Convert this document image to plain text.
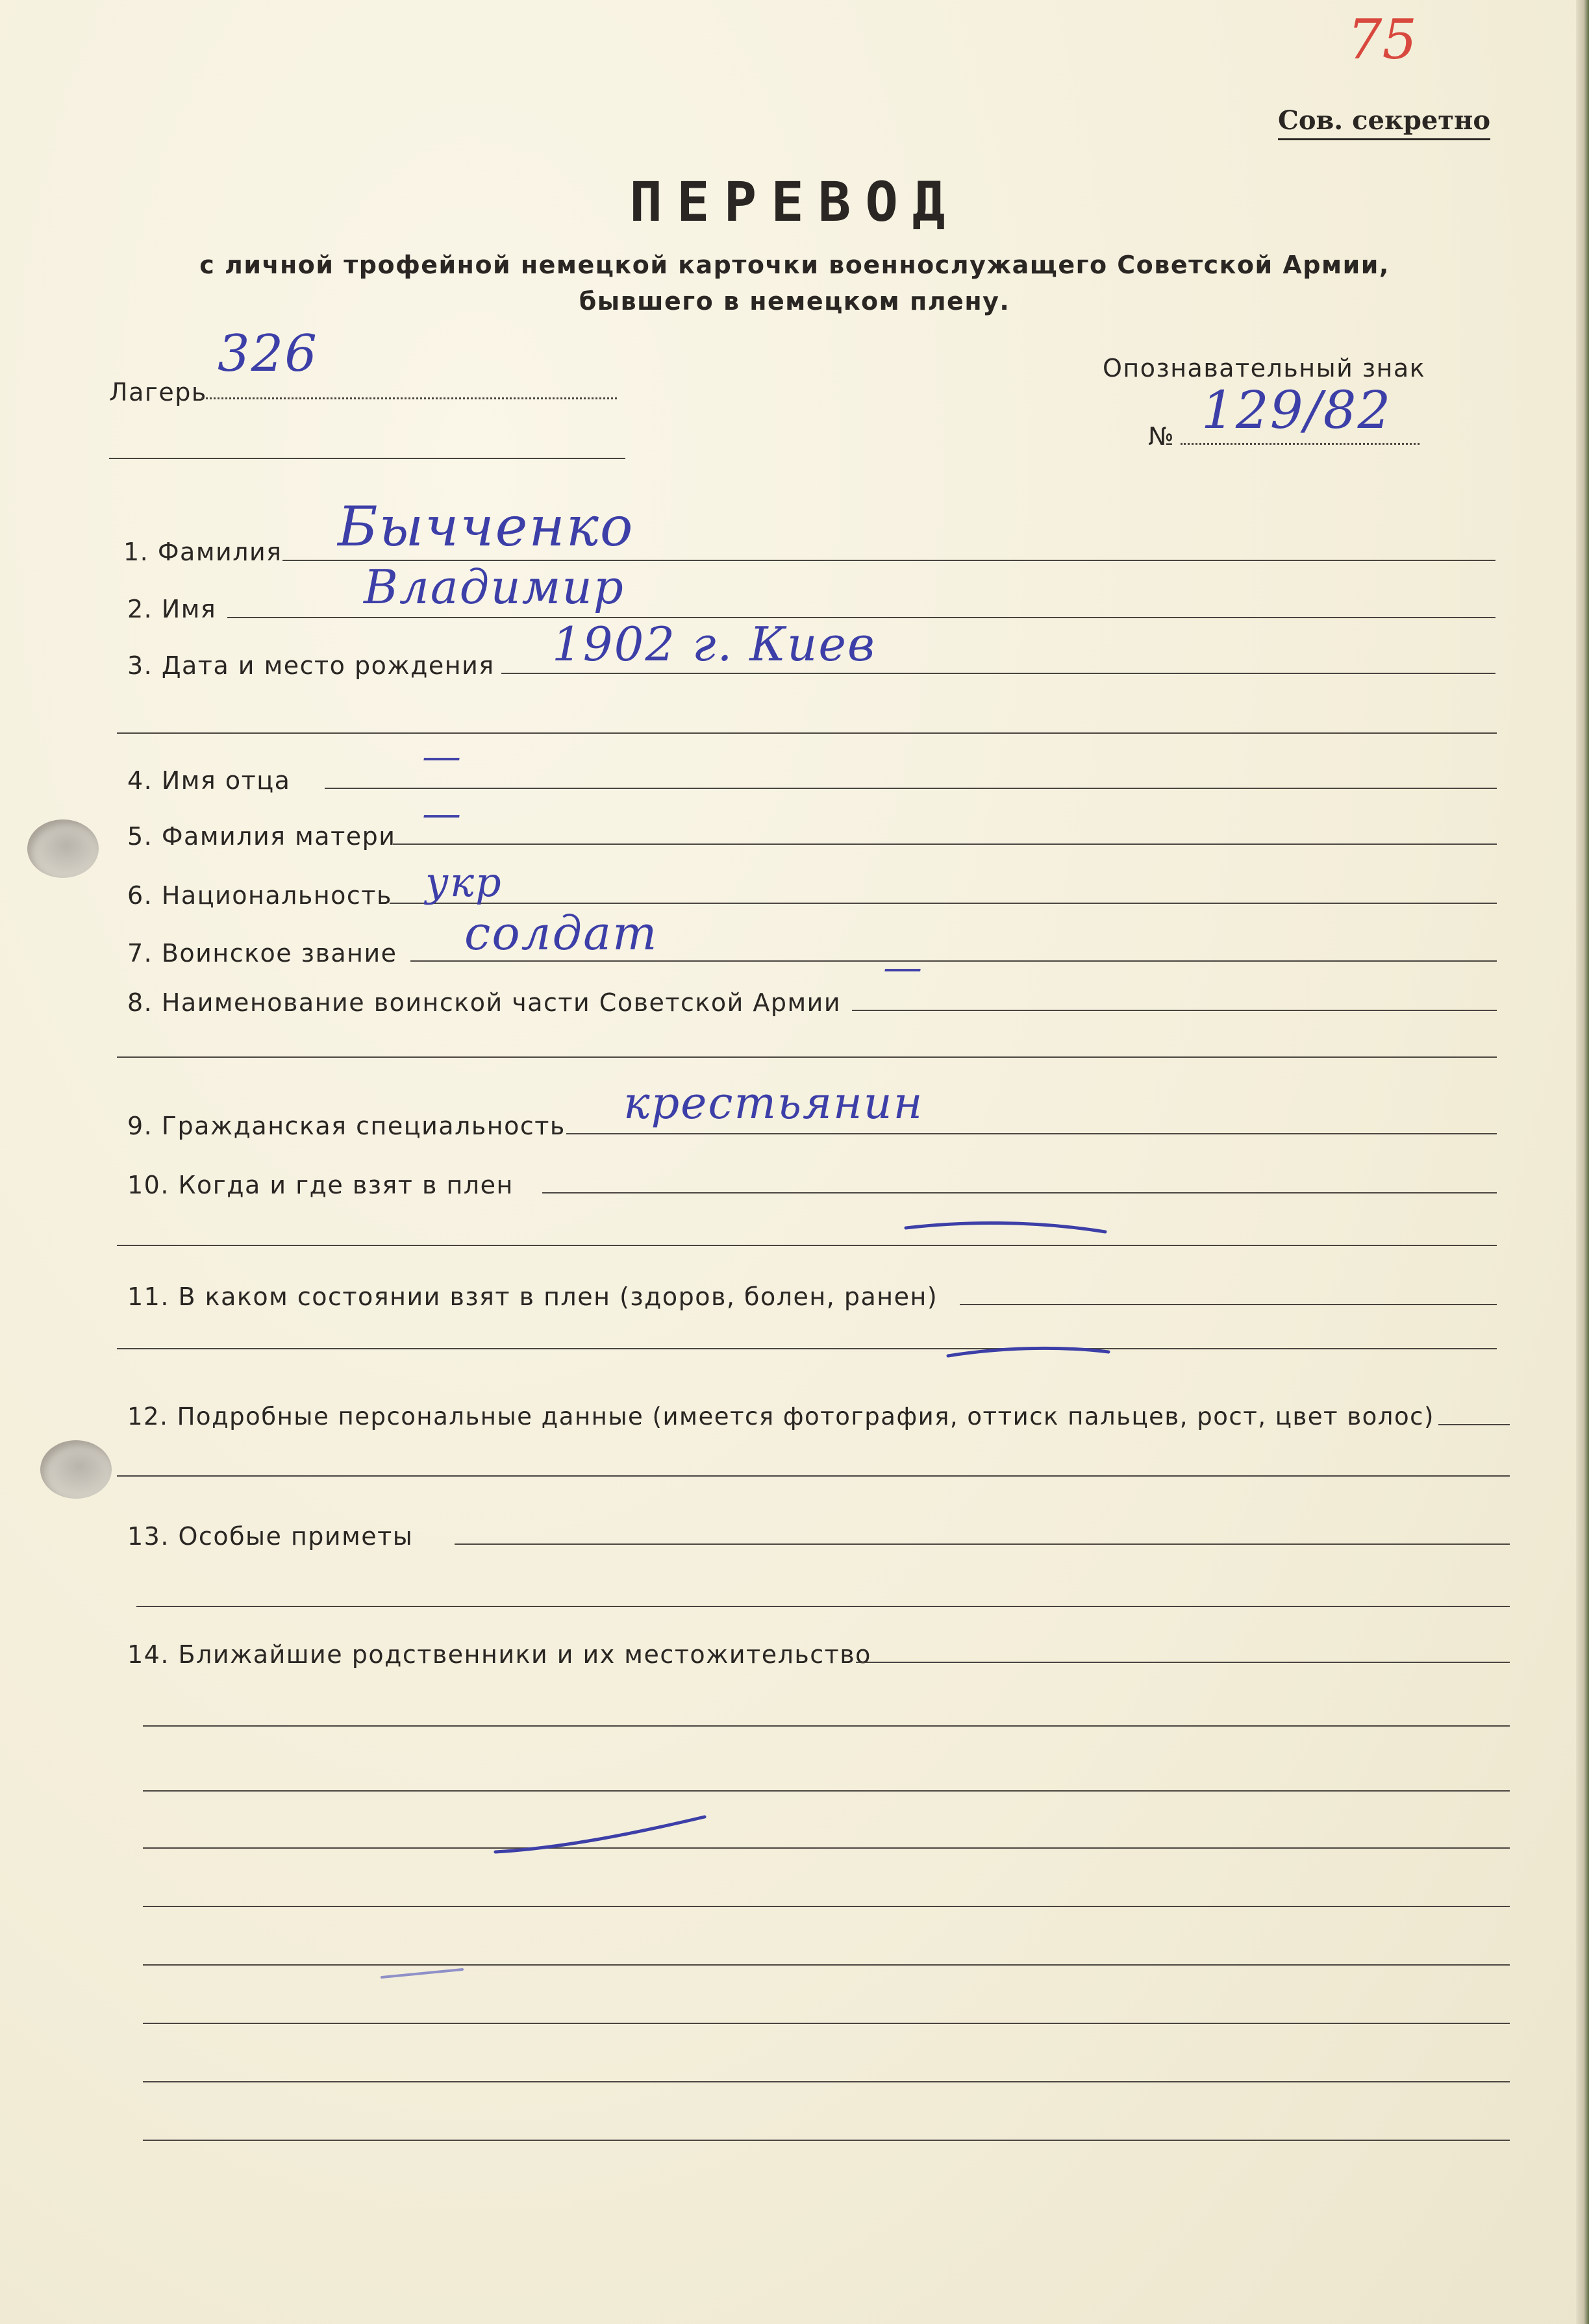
75
Сов. секретно
ПЕРЕВОД
с личной трофейной немецкой карточки военнослужащего Советской Армии,
бывшего в немецком плену.
Лагерь
326	Опознавательный знак
№ 129/82
1. Фамилия Бычченко
2. Имя	Владимир
3. Дата и место рождения 1902 г. Киев
4. Имя отца
—
5. Фамилия матери —
6. Национальность укр
7. Воинское звание солдат
8. Наименование воинской части Советской Армии
—
9. Гражданская специальность крестьянин
10. Когда и где взят в плен
11. В каком состоянии взят в плен (здоров, болен, ранен)
12. Подробные персональные данные (имеется фотография, оттиск пальцев, рост, цвет волос)
13. Особые приметы
14. Ближайшие родственники и их местожительство
